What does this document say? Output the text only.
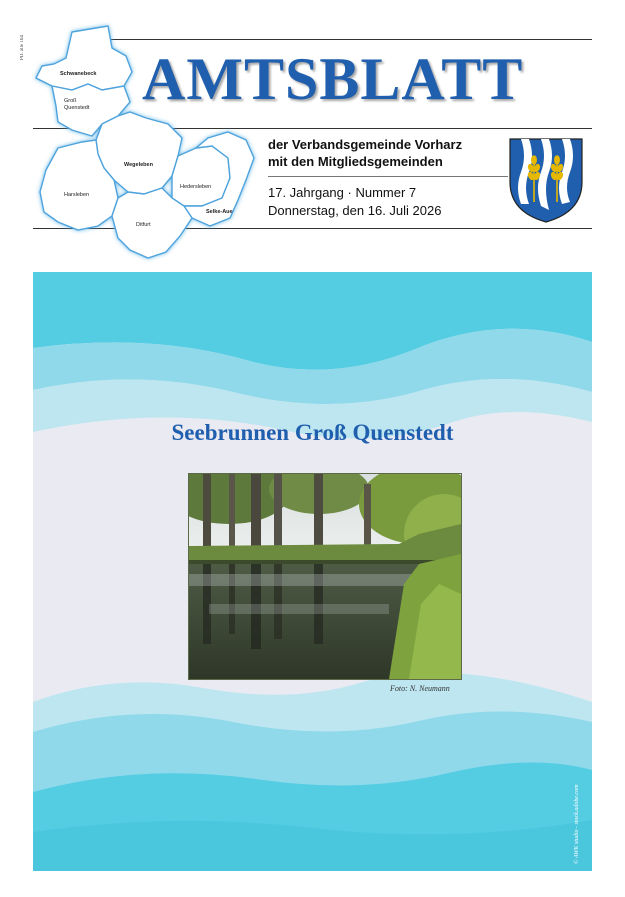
PD. alle 164
Schwanebeck
Groß
Quenstedt
Wegeleben
Harsleben
Hedersleben
Selke-Aue
Ditfurt
AMTSBLATT
der Verbandsgemeinde Vorharz
mit den Mitgliedsgemeinden
17. Jahrgang · Nummer 7
Donnerstag, den 16. Juli 2026
Seebrunnen Groß Quenstedt
Foto: N. Neumann
© AWK studio - stock.adobe.com
